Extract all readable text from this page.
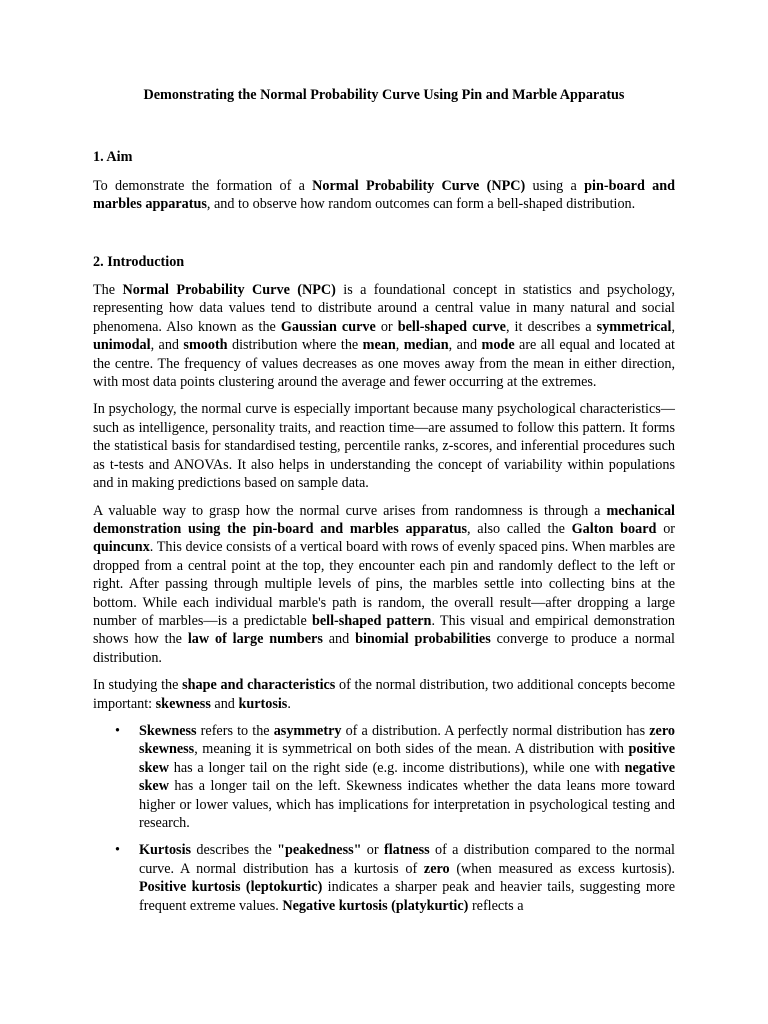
Demonstrating the Normal Probability Curve Using Pin and Marble Apparatus
1. Aim

To demonstrate the formation of a Normal Probability Curve (NPC) using a pin-board and marbles apparatus, and to observe how random outcomes can form a bell-shaped distribution.

2. Introduction

The Normal Probability Curve (NPC) is a foundational concept in statistics and psychology, representing how data values tend to distribute around a central value in many natural and social phenomena. Also known as the Gaussian curve or bell-shaped curve, it describes a symmetrical, unimodal, and smooth distribution where the mean, median, and mode are all equal and located at the centre. The frequency of values decreases as one moves away from the mean in either direction, with most data points clustering around the average and fewer occurring at the extremes.

In psychology, the normal curve is especially important because many psychological characteristics—such as intelligence, personality traits, and reaction time—are assumed to follow this pattern. It forms the statistical basis for standardised testing, percentile ranks, z-scores, and inferential procedures such as t-tests and ANOVAs. It also helps in understanding the concept of variability within populations and in making predictions based on sample data.

A valuable way to grasp how the normal curve arises from randomness is through a mechanical demonstration using the pin-board and marbles apparatus, also called the Galton board or quincunx. This device consists of a vertical board with rows of evenly spaced pins. When marbles are dropped from a central point at the top, they encounter each pin and randomly deflect to the left or right. After passing through multiple levels of pins, the marbles settle into collecting bins at the bottom. While each individual marble's path is random, the overall result—after dropping a large number of marbles—is a predictable bell-shaped pattern. This visual and empirical demonstration shows how the law of large numbers and binomial probabilities converge to produce a normal distribution.

In studying the shape and characteristics of the normal distribution, two additional concepts become important: skewness and kurtosis.

• Skewness refers to the asymmetry of a distribution. A perfectly normal distribution has zero skewness, meaning it is symmetrical on both sides of the mean. A distribution with positive skew has a longer tail on the right side (e.g. income distributions), while one with negative skew has a longer tail on the left. Skewness indicates whether the data leans more toward higher or lower values, which has implications for interpretation in psychological testing and research.
• Kurtosis describes the "peakedness" or flatness of a distribution compared to the normal curve. A normal distribution has a kurtosis of zero (when measured as excess kurtosis). Positive kurtosis (leptokurtic) indicates a sharper peak and heavier tails, suggesting more frequent extreme values. Negative kurtosis (platykurtic) reflects a
